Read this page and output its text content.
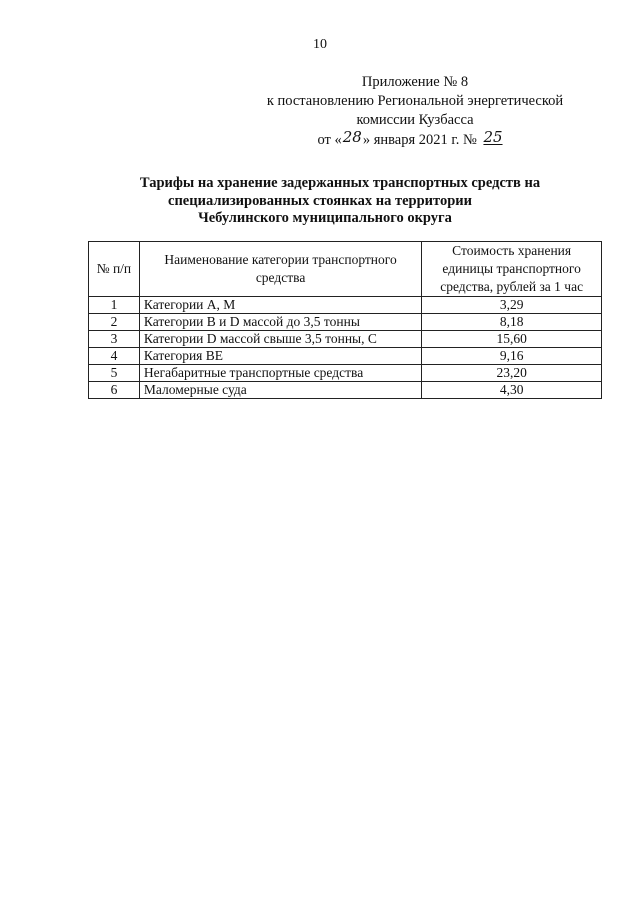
10
Приложение № 8
к постановлению Региональной энергетической
комиссии Кузбасса
от «28» января 2021 г. № 25
Тарифы на хранение задержанных транспортных средств на
специализированных стоянках на территории
Чебулинского муниципального округа
№ п/п	Наименование категории транспортного средства	Стоимость хранения единицы транспортного средства, рублей за 1 час
1	Категории А, М	3,29
2	Категории В и D массой до 3,5 тонны	8,18
3	Категории D массой свыше 3,5 тонны, С	15,60
4	Категория ВЕ	9,16
5	Негабаритные транспортные средства	23,20
6	Маломерные суда	4,30
